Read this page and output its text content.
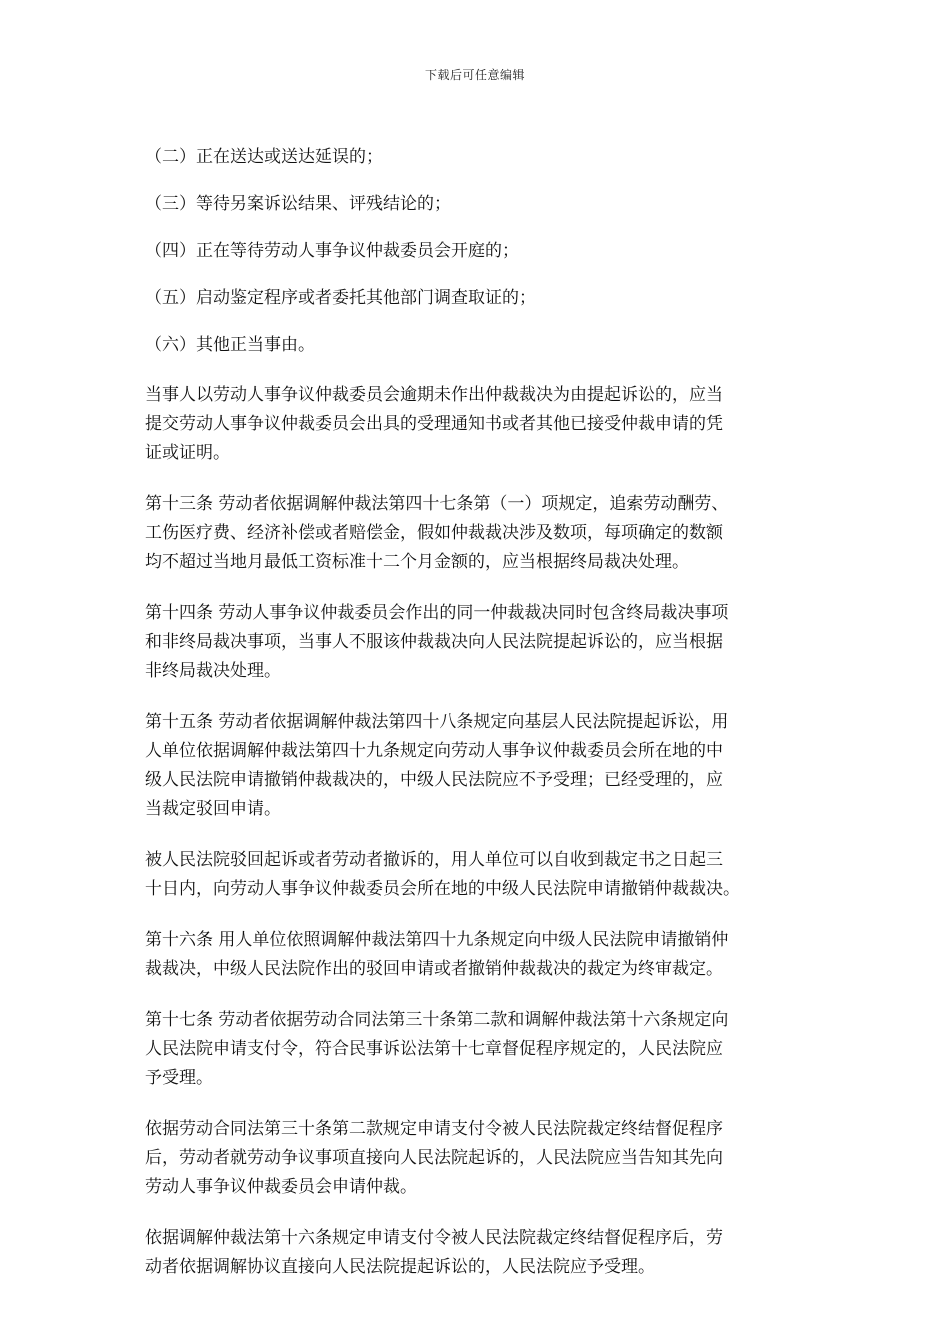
下载后可任意编辑
（二）正在送达或送达延误的；
（三）等待另案诉讼结果、评残结论的；
（四）正在等待劳动人事争议仲裁委员会开庭的；
（五）启动鉴定程序或者委托其他部门调查取证的；
（六）其他正当事由。
当事人以劳动人事争议仲裁委员会逾期未作出仲裁裁决为由提起诉讼的，应当
提交劳动人事争议仲裁委员会出具的受理通知书或者其他已接受仲裁申请的凭
证或证明。
第十三条 劳动者依据调解仲裁法第四十七条第（一）项规定，追索劳动酬劳、
工伤医疗费、经济补偿或者赔偿金，假如仲裁裁决涉及数项，每项确定的数额
均不超过当地月最低工资标准十二个月金额的，应当根据终局裁决处理。
第十四条 劳动人事争议仲裁委员会作出的同一仲裁裁决同时包含终局裁决事项
和非终局裁决事项，当事人不服该仲裁裁决向人民法院提起诉讼的，应当根据
非终局裁决处理。
第十五条 劳动者依据调解仲裁法第四十八条规定向基层人民法院提起诉讼，用
人单位依据调解仲裁法第四十九条规定向劳动人事争议仲裁委员会所在地的中
级人民法院申请撤销仲裁裁决的，中级人民法院应不予受理；已经受理的，应
当裁定驳回申请。
被人民法院驳回起诉或者劳动者撤诉的，用人单位可以自收到裁定书之日起三
十日内，向劳动人事争议仲裁委员会所在地的中级人民法院申请撤销仲裁裁决。
第十六条 用人单位依照调解仲裁法第四十九条规定向中级人民法院申请撤销仲
裁裁决，中级人民法院作出的驳回申请或者撤销仲裁裁决的裁定为终审裁定。
第十七条 劳动者依据劳动合同法第三十条第二款和调解仲裁法第十六条规定向
人民法院申请支付令，符合民事诉讼法第十七章督促程序规定的，人民法院应
予受理。
依据劳动合同法第三十条第二款规定申请支付令被人民法院裁定终结督促程序
后，劳动者就劳动争议事项直接向人民法院起诉的，人民法院应当告知其先向
劳动人事争议仲裁委员会申请仲裁。
依据调解仲裁法第十六条规定申请支付令被人民法院裁定终结督促程序后，劳
动者依据调解协议直接向人民法院提起诉讼的，人民法院应予受理。
